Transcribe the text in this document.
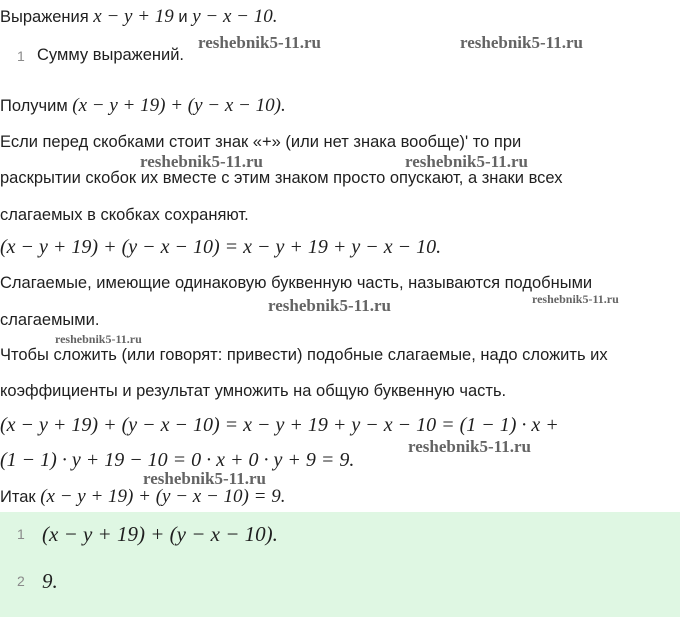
Выражения x − y + 19 и y − x − 10.
1 Сумму выражений.
Получим (x − y + 19) + (y − x − 10).
Если перед скобками стоит знак «+» (или нет знака вообще)' то при
раскрытии скобок их вместе с этим знаком просто опускают, а знаки всех
слагаемых в скобках сохраняют.
(x − y + 19) + (y − x − 10) = x − y + 19 + y − x − 10.
Слагаемые, имеющие одинаковую буквенную часть, называются подобными
слагаемыми.
Чтобы сложить (или говорят: привести) подобные слагаемые, надо сложить их
коэффициенты и результат умножить на общую буквенную часть.
(x − y + 19) + (y − x − 10) = x − y + 19 + y − x − 10 = (1 − 1) · x +
(1 − 1) · y + 19 − 10 = 0 · x + 0 · y + 9 = 9.
Итак (x − y + 19) + (y − x − 10) = 9.
1 (x − y + 19) + (y − x − 10).
2 9.
reshebnik5-11.ru	reshebnik5-11.ru
reshebnik5-11.ru	reshebnik5-11.ru
reshebnik5-11.ru	reshebnik5-11.ru
reshebnik5-11.ru
reshebnik5-11.ru
reshebnik5-11.ru
